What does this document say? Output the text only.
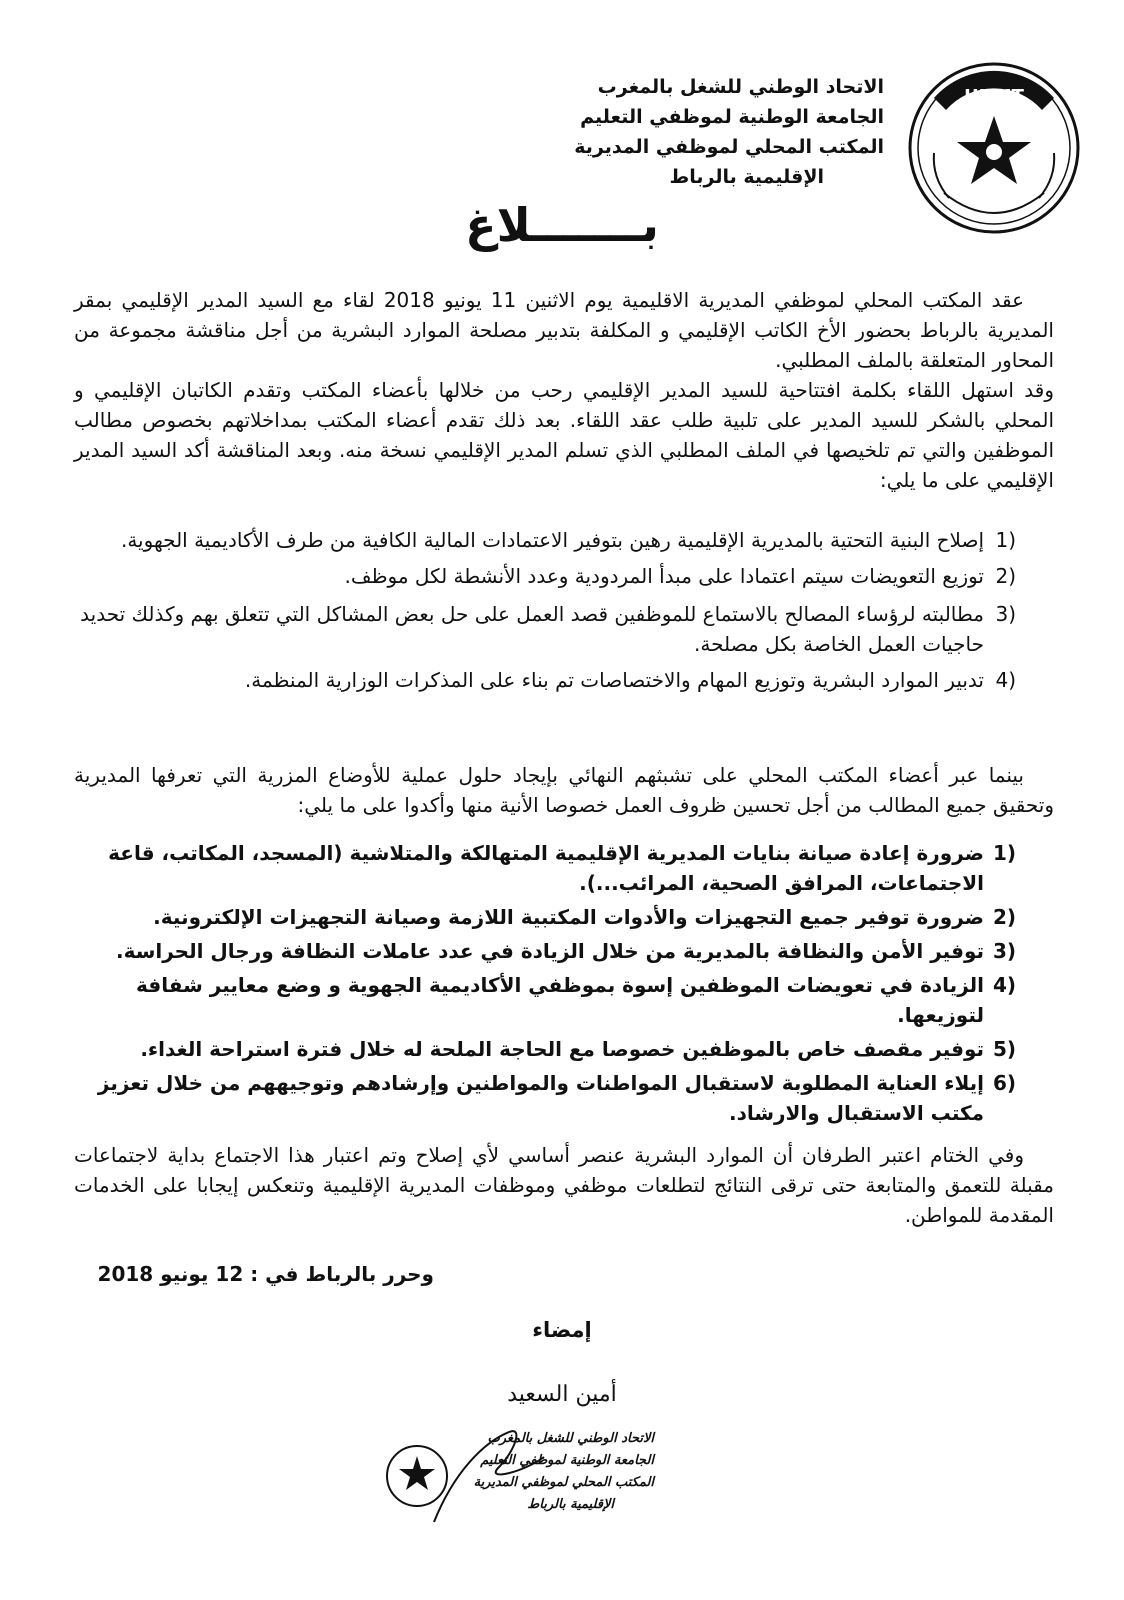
الاتحاد الوطني للشغل بالمغرب
الجامعة الوطنية لموظفي التعليم
المكتب المحلي لموظفي المديرية
الإقليمية بالرباط
UNMT
بـــــــلاغ

عقد المكتب المحلي لموظفي المديرية الاقليمية يوم الاثنين 11 يونيو 2018 لقاء مع السيد المدير الإقليمي بمقر المديرية بالرباط بحضور الأخ الكاتب الإقليمي و المكلفة بتدبير مصلحة الموارد البشرية من أجل مناقشة مجموعة من المحاور المتعلقة بالملف المطلبي.

وقد استهل اللقاء بكلمة افتتاحية للسيد المدير الإقليمي رحب من خلالها بأعضاء المكتب وتقدم الكاتبان الإقليمي و المحلي بالشكر للسيد المدير على تلبية طلب عقد اللقاء. بعد ذلك تقدم أعضاء المكتب بمداخلاتهم بخصوص مطالب الموظفين والتي تم تلخيصها في الملف المطلبي الذي تسلم المدير الإقليمي نسخة منه. وبعد المناقشة أكد السيد المدير الإقليمي على ما يلي:

1)
إصلاح البنية التحتية بالمديرية الإقليمية رهين بتوفير الاعتمادات المالية الكافية من طرف الأكاديمية الجهوية.
2)
توزيع التعويضات سيتم اعتمادا على مبدأ المردودية وعدد الأنشطة لكل موظف.
3)
مطالبته لرؤساء المصالح بالاستماع للموظفين قصد العمل على حل بعض المشاكل التي تتعلق بهم وكذلك تحديد حاجيات العمل الخاصة بكل مصلحة.
4)
تدبير الموارد البشرية وتوزيع المهام والاختصاصات تم بناء على المذكرات الوزارية المنظمة.

بينما عبر أعضاء المكتب المحلي على تشبثهم النهائي بإيجاد حلول عملية للأوضاع المزرية التي تعرفها المديرية وتحقيق جميع المطالب من أجل تحسين ظروف العمل خصوصا الأنية منها وأكدوا على ما يلي:

1)
ضرورة إعادة صيانة بنايات المديرية الإقليمية المتهالكة والمتلاشية (المسجد، المكاتب، قاعة الاجتماعات، المرافق الصحية، المرائب...).
2)
ضرورة توفير جميع التجهيزات والأدوات المكتبية اللازمة وصيانة التجهيزات الإلكترونية.
3)
توفير الأمن والنظافة بالمديرية من خلال الزيادة في عدد عاملات النظافة ورجال الحراسة.
4)
الزيادة في تعويضات الموظفين إسوة بموظفي الأكاديمية الجهوية و وضع معايير شفافة لتوزيعها.
5)
توفير مقصف خاص بالموظفين خصوصا مع الحاجة الملحة له خلال فترة استراحة الغداء.
6)
إيلاء العناية المطلوبة لاستقبال المواطنات والمواطنين وإرشادهم وتوجيههم من خلال تعزيز مكتب الاستقبال والارشاد.

وفي الختام اعتبر الطرفان أن الموارد البشرية عنصر أساسي لأي إصلاح وتم اعتبار هذا الاجتماع بداية لاجتماعات مقبلة للتعمق والمتابعة حتى ترقى النتائج لتطلعات موظفي وموظفات المديرية الإقليمية وتنعكس إيجابا على الخدمات المقدمة للمواطن.

وحرر بالرباط في : 12 يونيو 2018
إمضاء
أمين السعيد
الاتحاد الوطني للشغل بالمغرب
الجامعة الوطنية لموظفي التعليم
المكتب المحلي لموظفي المديرية
الإقليمية بالرباط
